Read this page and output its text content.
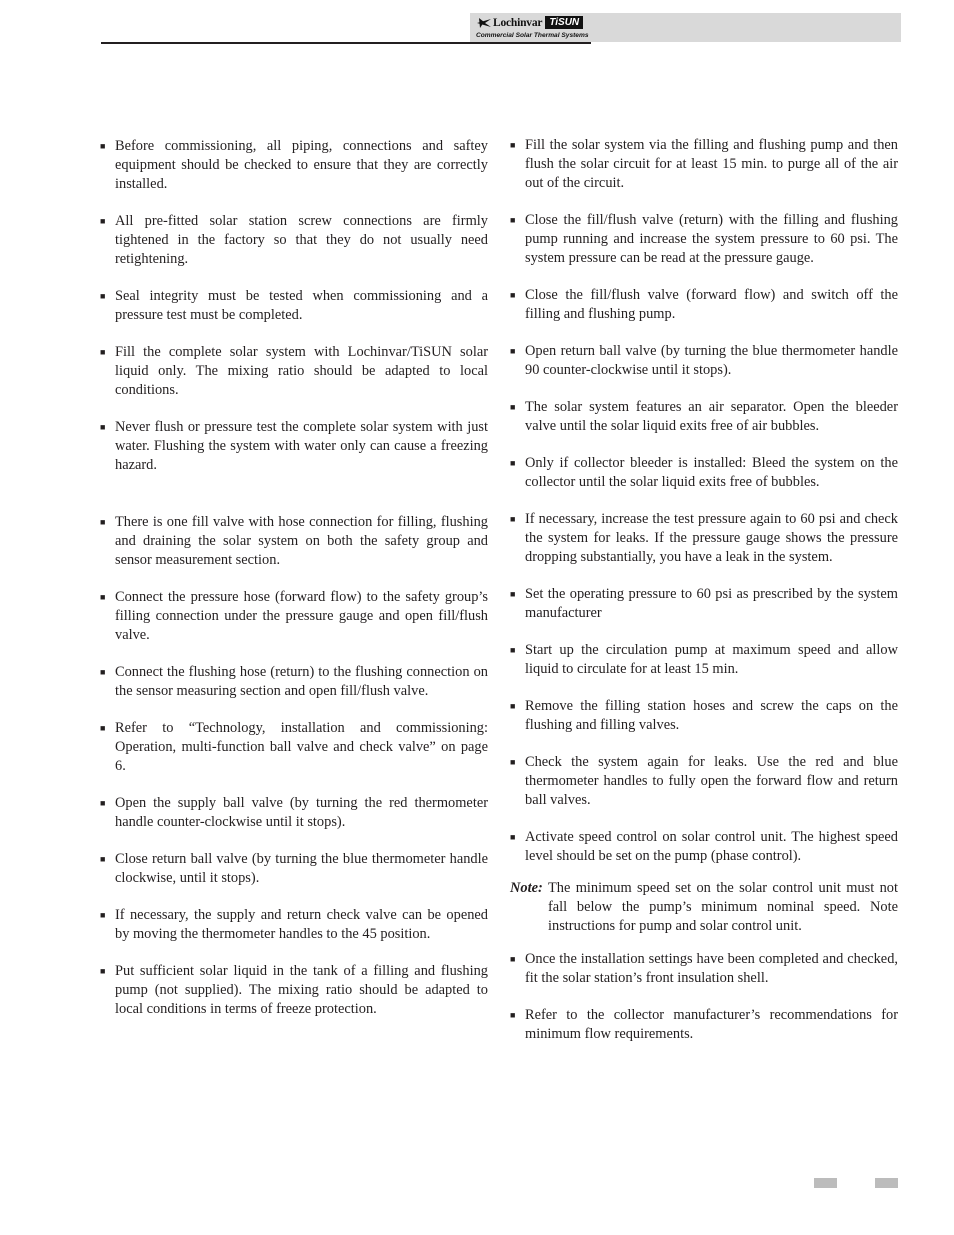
Lochinvar TiSUN
Commercial Solar Thermal Systems
■ Before commissioning, all piping, connections and saftey equipment should be checked to ensure that they are correctly installed.
■ All pre-fitted solar station screw connections are firmly tightened in the factory so that they do not usually need retightening.
■ Seal integrity must be tested when commissioning and a pressure test must be completed.
■ Fill the complete solar system with Lochinvar/TiSUN solar liquid only. The mixing ratio should be adapted to local conditions.
■ Never flush or pressure test the complete solar system with just water. Flushing the system with water only can cause a freezing hazard.
■ There is one fill valve with hose connection for filling, flushing and draining the solar system on both the safety group and sensor measurement section.
■ Connect the pressure hose (forward flow) to the safety group’s filling connection under the pressure gauge and open fill/flush valve.
■ Connect the flushing hose (return) to the flushing connection on the sensor measuring section and open fill/flush valve.
■ Refer to “Technology, installation and commissioning: Operation, multi-function ball valve and check valve” on page 6.
■ Open the supply ball valve (by turning the red thermometer handle counter-clockwise until it stops).
■ Close return ball valve (by turning the blue thermometer handle clockwise, until it stops).
■ If necessary, the supply and return check valve can be opened by moving the thermometer handles to the 45 position.
■ Put sufficient solar liquid in the tank of a filling and flushing pump (not supplied). The mixing ratio should be adapted to local conditions in terms of freeze protection.
■ Fill the solar system via the filling and flushing pump and then flush the solar circuit for at least 15 min. to purge all of the air out of the circuit.
■ Close the fill/flush valve (return) with the filling and flushing pump running and increase the system pressure to 60 psi. The system pressure can be read at the pressure gauge.
■ Close the fill/flush valve (forward flow) and switch off the filling and flushing pump.
■ Open return ball valve (by turning the blue thermometer handle 90 counter-clockwise until it stops).
■ The solar system features an air separator. Open the bleeder valve until the solar liquid exits free of air bubbles.
■ Only if collector bleeder is installed: Bleed the system on the collector until the solar liquid exits free of bubbles.
■ If necessary, increase the test pressure again to 60 psi and check the system for leaks. If the pressure gauge shows the pressure dropping substantially, you have a leak in the system.
■ Set the operating pressure to 60 psi as prescribed by the system manufacturer
■ Start up the circulation pump at maximum speed and allow liquid to circulate for at least 15 min.
■ Remove the filling station hoses and screw the caps on the flushing and filling valves.
■ Check the system again for leaks. Use the red and blue thermometer handles to fully open the forward flow and return ball valves.
■ Activate speed control on solar control unit. The highest speed level should be set on the pump (phase control).
Note: The minimum speed set on the solar control unit must not fall below the pump’s minimum nominal speed. Note instructions for pump and solar control unit.
■ Once the installation settings have been completed and checked, fit the solar station’s front insulation shell.
■ Refer to the collector manufacturer’s recommendations for minimum flow requirements.
